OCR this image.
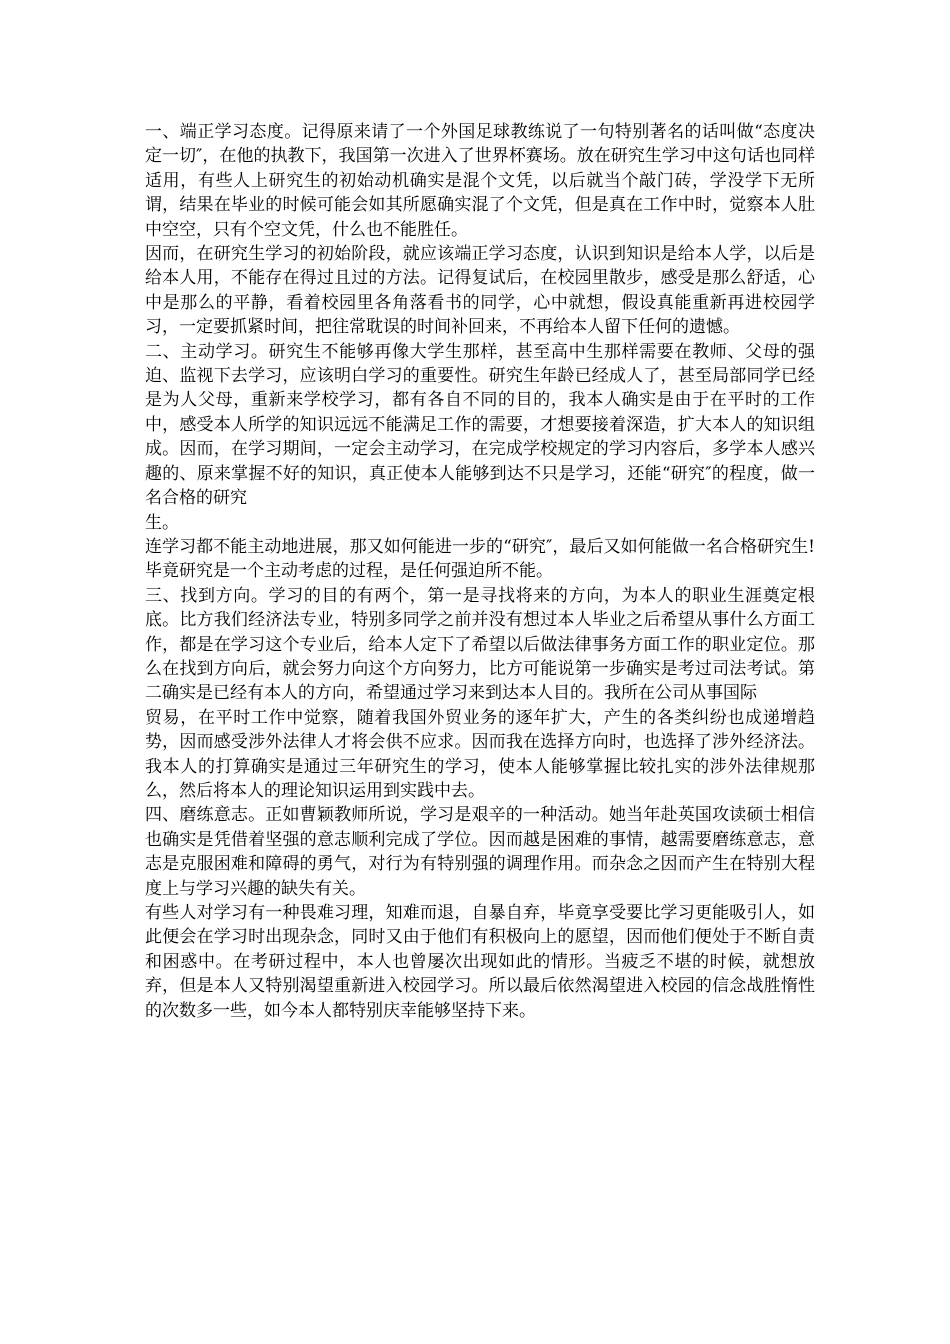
一、端正学习态度。记得原来请了一个外国足球教练说了一句特别著名的话叫做“态度决定一切″，在他的执教下，我国第一次进入了世界杯赛场。放在研究生学习中这句话也同样适用，有些人上研究生的初始动机确实是混个文凭，以后就当个敲门砖，学没学下无所谓，结果在毕业的时候可能会如其所愿确实混了个文凭，但是真在工作中时，觉察本人肚中空空，只有个空文凭，什么也不能胜任。

因而，在研究生学习的初始阶段，就应该端正学习态度，认识到知识是给本人学，以后是给本人用，不能存在得过且过的方法。记得复试后，在校园里散步，感受是那么舒适，心中是那么的平静，看着校园里各角落看书的同学，心中就想，假设真能重新再进校园学习，一定要抓紧时间，把往常耽误的时间补回来，不再给本人留下任何的遗憾。

二、主动学习。研究生不能够再像大学生那样，甚至高中生那样需要在教师、父母的强迫、监视下去学习，应该明白学习的重要性。研究生年龄已经成人了，甚至局部同学已经是为人父母，重新来学校学习，都有各自不同的目的，我本人确实是由于在平时的工作中，感受本人所学的知识远远不能满足工作的需要，才想要接着深造，扩大本人的知识组成。因而，在学习期间，一定会主动学习，在完成学校规定的学习内容后，多学本人感兴趣的、原来掌握不好的知识，真正使本人能够到达不只是学习，还能“研究″的程度，做一名合格的研究
生。

连学习都不能主动地进展，那又如何能进一步的“研究″，最后又如何能做一名合格研究生!毕竟研究是一个主动考虑的过程，是任何强迫所不能。

三、找到方向。学习的目的有两个，第一是寻找将来的方向，为本人的职业生涯奠定根底。比方我们经济法专业，特别多同学之前并没有想过本人毕业之后希望从事什么方面工作，都是在学习这个专业后，给本人定下了希望以后做法律事务方面工作的职业定位。那么在找到方向后，就会努力向这个方向努力，比方可能说第一步确实是考过司法考试。第二确实是已经有本人的方向，希望通过学习来到达本人目的。我所在公司从事国际
贸易，在平时工作中觉察，随着我国外贸业务的逐年扩大，产生的各类纠纷也成递增趋势，因而感受涉外法律人才将会供不应求。因而我在选择方向时，也选择了涉外经济法。我本人的打算确实是通过三年研究生的学习，使本人能够掌握比较扎实的涉外法律规那么，然后将本人的理论知识运用到实践中去。

四、磨练意志。正如曹颖教师所说，学习是艰辛的一种活动。她当年赴英国攻读硕士相信也确实是凭借着坚强的意志顺利完成了学位。因而越是困难的事情，越需要磨练意志，意志是克服困难和障碍的勇气，对行为有特别强的调理作用。而杂念之因而产生在特别大程度上与学习兴趣的缺失有关。

有些人对学习有一种畏难习理，知难而退，自暴自弃，毕竟享受要比学习更能吸引人，如此便会在学习时出现杂念，同时又由于他们有积极向上的愿望，因而他们便处于不断自责和困惑中。在考研过程中，本人也曾屡次出现如此的情形。当疲乏不堪的时候，就想放弃，但是本人又特别渴望重新进入校园学习。所以最后依然渴望进入校园的信念战胜惰性的次数多一些，如今本人都特别庆幸能够坚持下来。
